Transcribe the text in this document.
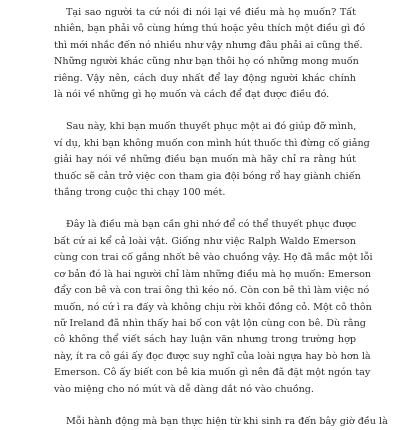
Tại sao người ta cứ nói đi nói lại về điều mà họ muốn? Tất
nhiên, bạn phải vô cùng hứng thú hoặc yêu thích một điều gì đó
thì mới nhắc đến nó nhiều như vậy nhưng đâu phải ai cũng thế.
Những người khác cũng như bạn thôi họ có những mong muốn
riêng. Vậy nên, cách duy nhất để lay động người khác chính
là nói về những gì họ muốn và cách để đạt được điều đó.

Sau này, khi bạn muốn thuyết phục một ai đó giúp đỡ mình,
ví dụ, khi bạn không muốn con mình hút thuốc thì đừng cố giảng
giải hay nói về những điều bạn muốn mà hãy chỉ ra rằng hút
thuốc sẽ cản trở việc con tham gia đội bóng rổ hay giành chiến
thắng trong cuộc thi chạy 100 mét.

Đây là điều mà bạn cần ghi nhớ để có thể thuyết phục được
bất cứ ai kể cả loài vật. Giống như việc Ralph Waldo Emerson
cùng con trai cố gắng nhốt bê vào chuồng vậy. Họ đã mắc một lỗi
cơ bản đó là hai người chỉ làm những điều mà họ muốn: Emerson
đẩy con bê và con trai ông thì kéo nó. Còn con bê thì làm việc nó
muốn, nó cứ ì ra đấy và không chịu rời khỏi đồng cỏ. Một cô thôn
nữ Ireland đã nhìn thấy hai bố con vật lộn cùng con bê. Dù rằng
cô không thể viết sách hay luận văn nhưng trong trường hợp
này, ít ra cô gái ấy đọc được suy nghĩ của loài ngựa hay bò hơn là
Emerson. Cô ấy biết con bê kia muốn gì nên đã đặt một ngón tay
vào miệng cho nó mút và dễ dàng dắt nó vào chuồng.

Mỗi hành động mà bạn thực hiện từ khi sinh ra đến bây giờ đều là
